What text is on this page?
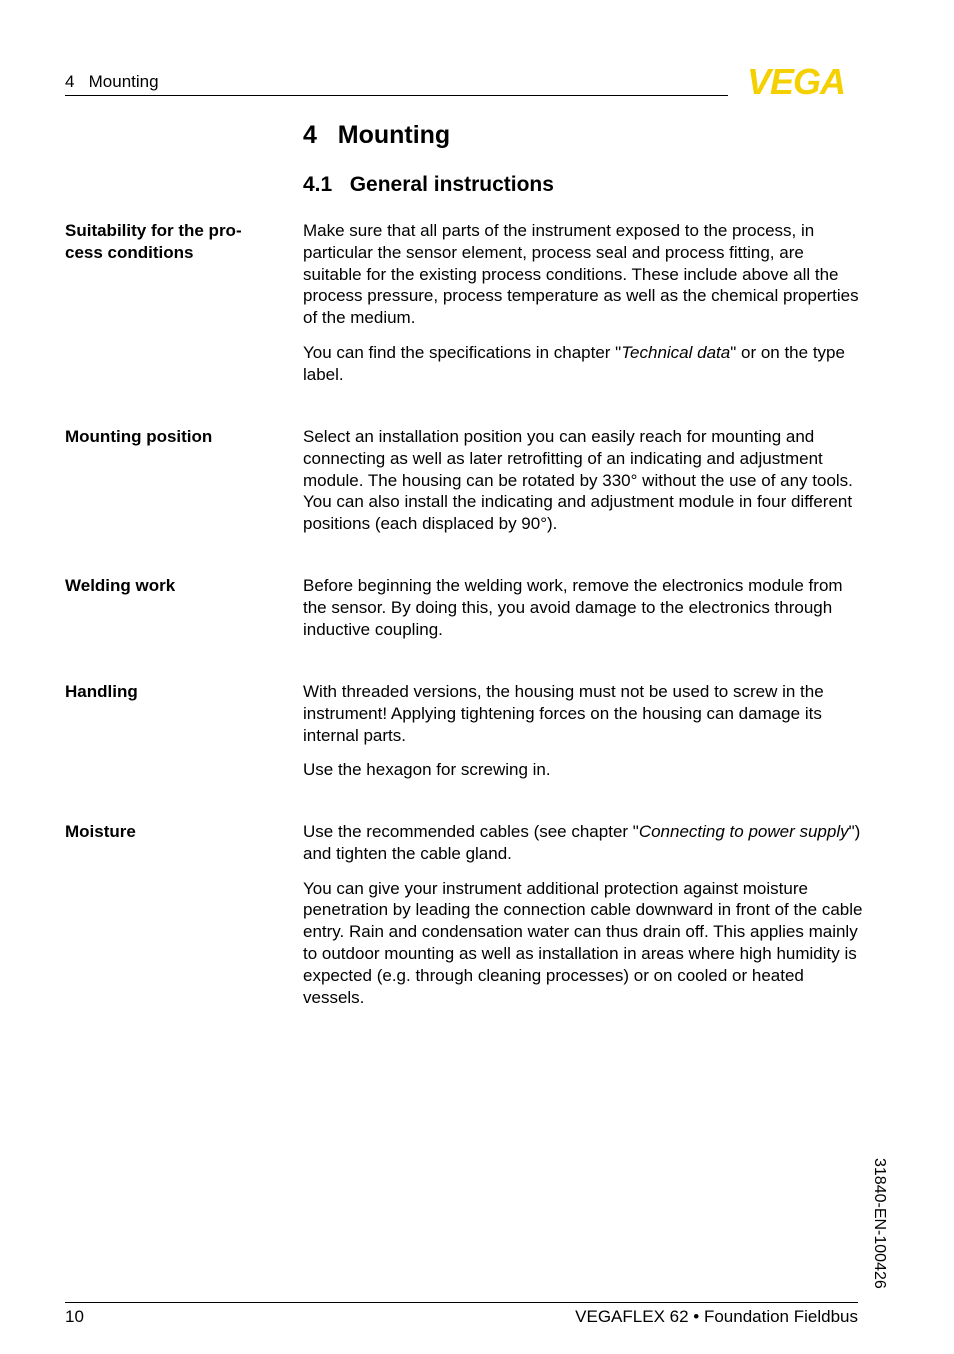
4   Mounting	VEGA
4   Mounting
4.1   General instructions
Suitability for the pro-
cess conditions

Make sure that all parts of the instrument exposed to the process, in particular the sensor element, process seal and process fitting, are suitable for the existing process conditions. These include above all the process pressure, process temperature as well as the chemical properties of the medium.

You can find the specifications in chapter "Technical data" or on the type label.

Mounting position	Select an installation position you can easily reach for mounting and connecting as well as later retrofitting of an indicating and adjustment module. The housing can be rotated by 330° without the use of any tools. You can also install the indicating and adjustment module in four different positions (each displaced by 90°).

Welding work	Before beginning the welding work, remove the electronics module from the sensor. By doing this, you avoid damage to the electronics through inductive coupling.

Handling	With threaded versions, the housing must not be used to screw in the instrument! Applying tightening forces on the housing can damage its internal parts.

Use the hexagon for screwing in.

Moisture	Use the recommended cables (see chapter "Connecting to power supply") and tighten the cable gland.

You can give your instrument additional protection against moisture penetration by leading the connection cable downward in front of the cable entry. Rain and condensation water can thus drain off. This applies mainly to outdoor mounting as well as installation in areas where high humidity is expected (e.g. through cleaning processes) or on cooled or heated vessels.

31840-EN-100426
10	VEGAFLEX 62 • Foundation Fieldbus
